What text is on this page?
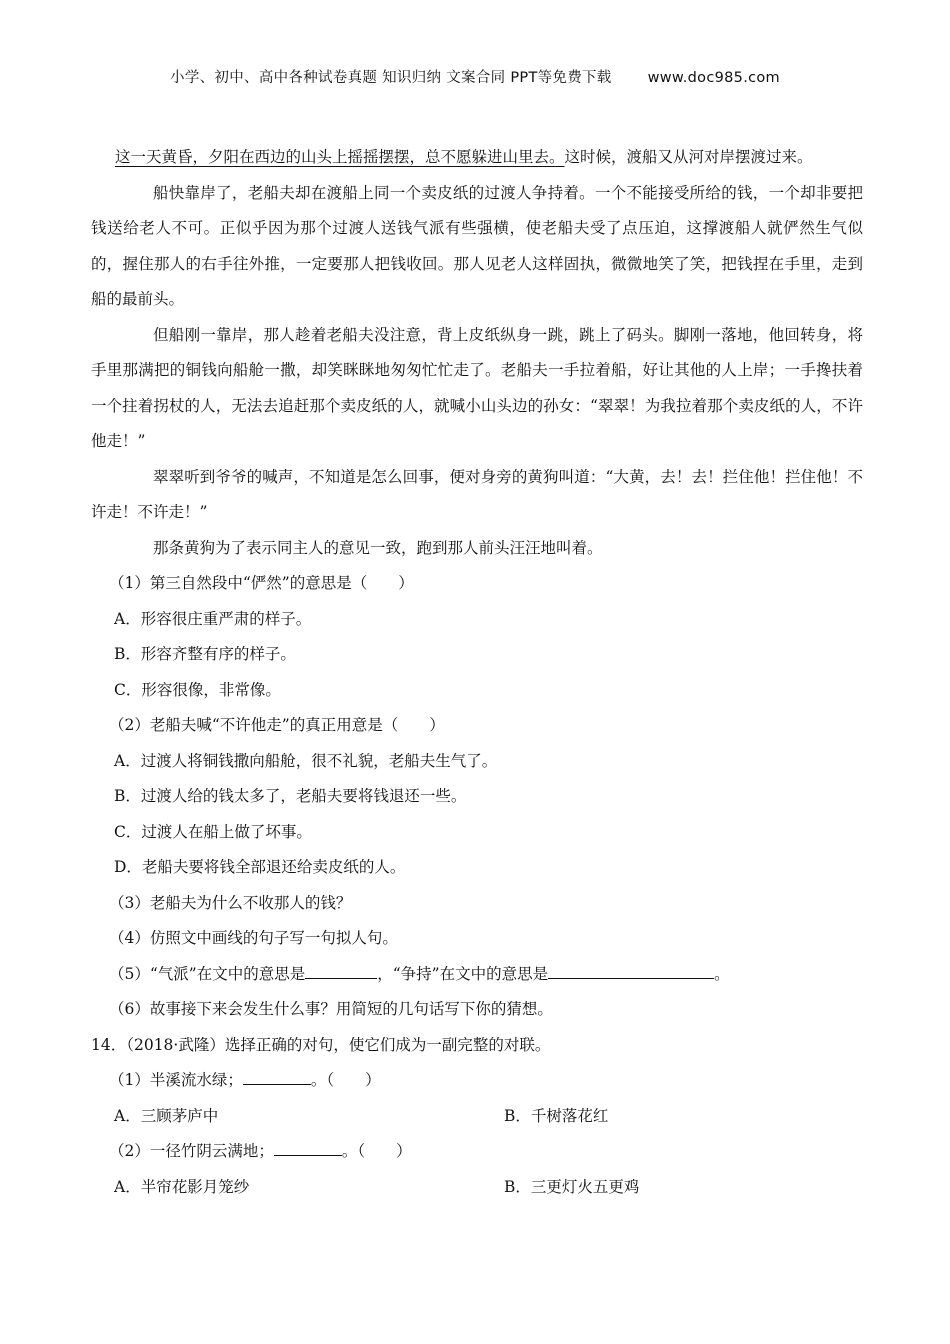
小学、初中、高中各种试卷真题 知识归纳 文案合同 PPT等免费下载 www.doc985.com

这一天黄昏，夕阳在西边的山头上摇摇摆摆，总不愿躲进山里去。这时候，渡船又从河对岸摆渡过来。

船快靠岸了，老船夫却在渡船上同一个卖皮纸的过渡人争持着。一个不能接受所给的钱，一个却非要把钱送给老人不可。正似乎因为那个过渡人送钱气派有些强横，使老船夫受了点压迫，这撑渡船人就俨然生气似的，握住那人的右手往外推，一定要那人把钱收回。那人见老人这样固执，微微地笑了笑，把钱捏在手里，走到船的最前头。

但船刚一靠岸，那人趁着老船夫没注意，背上皮纸纵身一跳，跳上了码头。脚刚一落地，他回转身，将手里那满把的铜钱向船舱一撒，却笑眯眯地匆匆忙忙走了。老船夫一手拉着船，好让其他的人上岸；一手搀扶着一个拄着拐杖的人，无法去追赶那个卖皮纸的人，就喊小山头边的孙女：“翠翠！为我拉着那个卖皮纸的人，不许他走！”

翠翠听到爷爷的喊声，不知道是怎么回事，便对身旁的黄狗叫道：“大黄，去！去！拦住他！拦住他！不许走！不许走！”

那条黄狗为了表示同主人的意见一致，跑到那人前头汪汪地叫着。

（1）第三自然段中“俨然”的意思是（　　）
A．形容很庄重严肃的样子。
B．形容齐整有序的样子。
C．形容很像，非常像。
（2）老船夫喊“不许他走”的真正用意是（　　）
A．过渡人将铜钱撒向船舱，很不礼貌，老船夫生气了。
B．过渡人给的钱太多了，老船夫要将钱退还一些。
C．过渡人在船上做了坏事。
D．老船夫要将钱全部退还给卖皮纸的人。
（3）老船夫为什么不收那人的钱？
（4）仿照文中画线的句子写一句拟人句。
（5）“气派”在文中的意思是	，“争持”在文中的意思是	。
（6）故事接下来会发生什么事？用简短的几句话写下你的猜想。
14．（2018·武隆）选择正确的对句，使它们成为一副完整的对联。
（1）半溪流水绿；	。（　　）
A．三顾茅庐中	B．千树落花红
（2）一径竹阴云满地；	。（　　）
A．半帘花影月笼纱	B．三更灯火五更鸡
